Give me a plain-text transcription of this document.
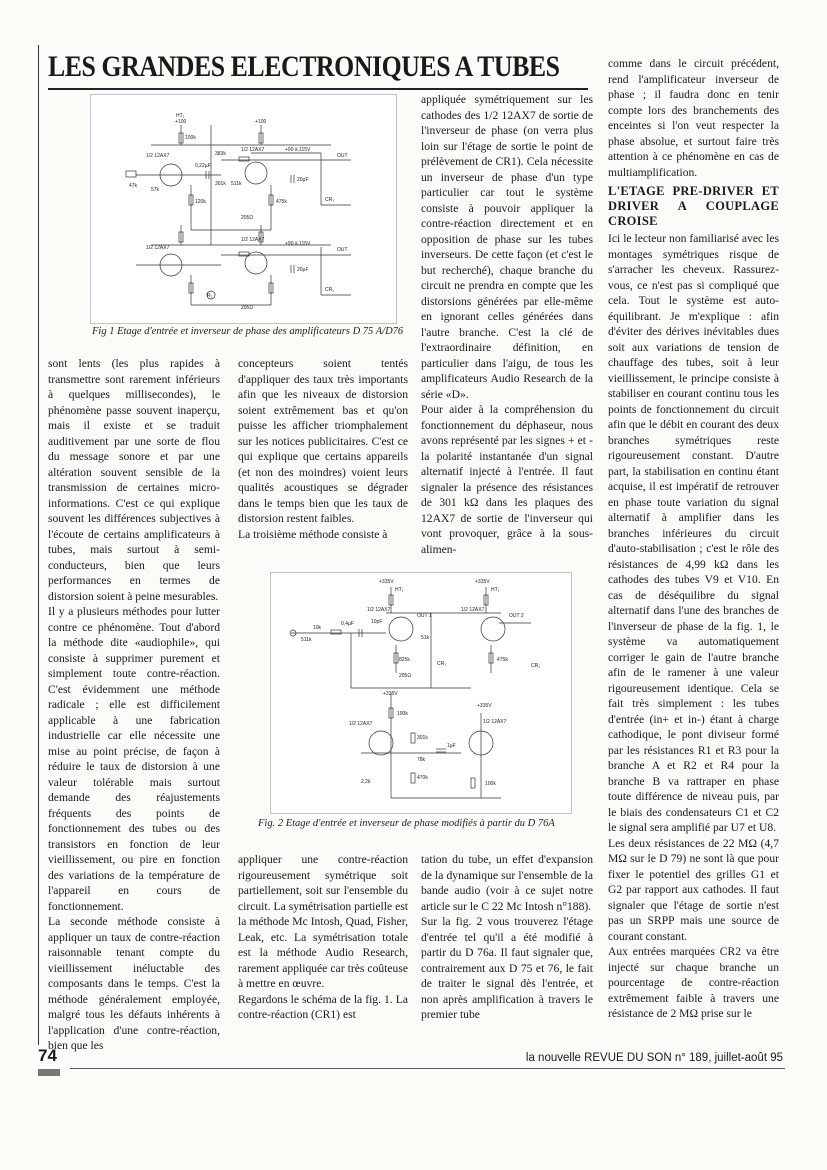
LES GRANDES ELECTRONIQUES A TUBES
HT₁
+100	+100
1/2 12AX7
1/2 12AX7
1/2 12AX7
1/2 12AX7
100k
0,22µF
301k 511k
57k
383k
120k	475k
205Ω
205Ω
47k
20µF
20µF
OUT
OUT
+90 à 115V
+90 à 115V
CR₁
CR₁
R₂
Fig 1 Etage d'entrée et inverseur de phase des amplificateurs D 75 A/D76
+335V	+335V
+335V
+335V
HT₁	HT₁
1/2 12AX7	1/2 12AX7
1/2 12AX7	1/2 12AX7
OUT 1	OUT 2
CR₁	CR₁
10k
0,4µF	10pF
51k
511k
825k	475k
205Ω
100k
100k
301k
2,2k
470k
78k
1µF
Fig. 2 Etage d'entrée et inverseur de phase modifiés à partir du D 76A

sont lents (les plus rapides à transmettre sont rarement inférieurs à quelques millisecondes), le phénomène passe souvent inaperçu, mais il existe et se traduit auditivement par une sorte de flou du message sonore et par une altération souvent sensible de la transmission de certaines micro-informations. C'est ce qui explique souvent les différences subjectives à l'écoute de certains amplificateurs à tubes, mais surtout à semi-conducteurs, bien que leurs performances en termes de distorsion soient à peine mesurables.

Il y a plusieurs méthodes pour lutter contre ce phénomène. Tout d'abord la méthode dite «audiophile», qui consiste à supprimer purement et simplement toute contre-réaction. C'est évidemment une méthode radicale ; elle est difficilement applicable à une fabrication industrielle car elle nécessite une mise au point précise, de façon à réduire le taux de distorsion à une valeur tolérable mais surtout demande des réajustements fréquents des points de fonctionnement des tubes ou des transistors en fonction de leur vieillissement, ou pire en fonction des variations de la température de l'appareil en cours de fonctionnement.

La seconde méthode consiste à appliquer un taux de contre-réaction raisonnable tenant compte du vieillissement inéluctable des composants dans le temps. C'est la méthode généralement employée, malgré tous les défauts inhérents à l'application d'une contre-réaction, bien que les

concepteurs soient tentés d'appliquer des taux très importants afin que les niveaux de distorsion soient extrêmement bas et qu'on puisse les afficher triomphalement sur les notices publicitaires. C'est ce qui explique que certains appareils (et non des moindres) voient leurs qualités acoustiques se dégrader dans le temps bien que les taux de distorsion restent faibles.

La troisième méthode consiste à

appliquer une contre-réaction rigoureusement symétrique soit partiellement, soit sur l'ensemble du circuit. La symétrisation partielle est la méthode Mc Intosh, Quad, Fisher, Leak, etc. La symétrisation totale est la méthode Audio Research, rarement appliquée car très coûteuse à mettre en œuvre.

Regardons le schéma de la fig. 1. La contre-réaction (CR1) est

appliquée symétriquement sur les cathodes des 1/2 12AX7 de sortie de l'inverseur de phase (on verra plus loin sur l'étage de sortie le point de prélèvement de CR1). Cela nécessite un inverseur de phase d'un type particulier car tout le système consiste à pouvoir appliquer la contre-réaction directement et en opposition de phase sur les tubes inverseurs. De cette façon (et c'est le but recherché), chaque branche du circuit ne prendra en compte que les distorsions générées par elle-même en ignorant celles générées dans l'autre branche. C'est la clé de l'extraordinaire définition, en particulier dans l'aigu, de tous les amplificateurs Audio Research de la série «D».

Pour aider à la compréhension du fonctionnement du déphaseur, nous avons représenté par les signes + et - la polarité instantanée d'un signal alternatif injecté à l'entrée. Il faut signaler la présence des résistances de 301 kΩ dans les plaques des 12AX7 de sortie de l'inverseur qui vont provoquer, grâce à la sous-alimen-

tation du tube, un effet d'expansion de la dynamique sur l'ensemble de la bande audio (voir à ce sujet notre article sur le C 22 Mc Intosh n°188).

Sur la fig. 2 vous trouverez l'étage d'entrée tel qu'il a été modifié à partir du D 76a. Il faut signaler que, contrairement aux D 75 et 76, le fait de traiter le signal dès l'entrée, et non après amplification à travers le premier tube

comme dans le circuit précédent, rend l'amplificateur inverseur de phase ; il faudra donc en tenir compte lors des branchements des enceintes si l'on veut respecter la phase absolue, et surtout faire très attention à ce phénomène en cas de multiamplification.

L'ETAGE PRE-DRIVER ET DRIVER A COUPLAGE CROISE

Ici le lecteur non familiarisé avec les montages symétriques risque de s'arracher les cheveux. Rassurez-vous, ce n'est pas si compliqué que cela. Tout le système est auto-équilibrant. Je m'explique : afin d'éviter des dérives inévitables dues soit aux variations de tension de chauffage des tubes, soit à leur vieillissement, le principe consiste à stabiliser en courant continu tous les points de fonctionnement du circuit afin que le débit en courant des deux branches symétriques reste rigoureusement constant. D'autre part, la stabilisation en continu étant acquise, il est impératif de retrouver en phase toute variation du signal alternatif à amplifier dans les branches inférieures du circuit d'auto-stabilisation ; c'est le rôle des résistances de 4,99 kΩ dans les cathodes des tubes V9 et V10. En cas de déséquilibre du signal alternatif dans l'une des branches de l'inverseur de phase de la fig. 1, le système va automatiquement corriger le gain de l'autre branche afin de le ramener à une valeur rigoureusement identique. Cela se fait très simplement : les tubes d'entrée (in+ et in-) étant à charge cathodique, le pont diviseur formé par les résistances R1 et R3 pour la branche A et R2 et R4 pour la branche B va rattraper en phase toute différence de niveau puis, par le biais des condensateurs C1 et C2 le signal sera amplifié par U7 et U8.

Les deux résistances de 22 MΩ (4,7 MΩ sur le D 79) ne sont là que pour fixer le potentiel des grilles G1 et G2 par rapport aux cathodes. Il faut signaler que l'étage de sortie n'est pas un SRPP mais une source de courant constant.

Aux entrées marquées CR2 va être injecté sur chaque branche un pourcentage de contre-réaction extrêmement faible à travers une résistance de 2 MΩ prise sur le

74	la nouvelle REVUE DU SON n° 189, juillet-août 95
